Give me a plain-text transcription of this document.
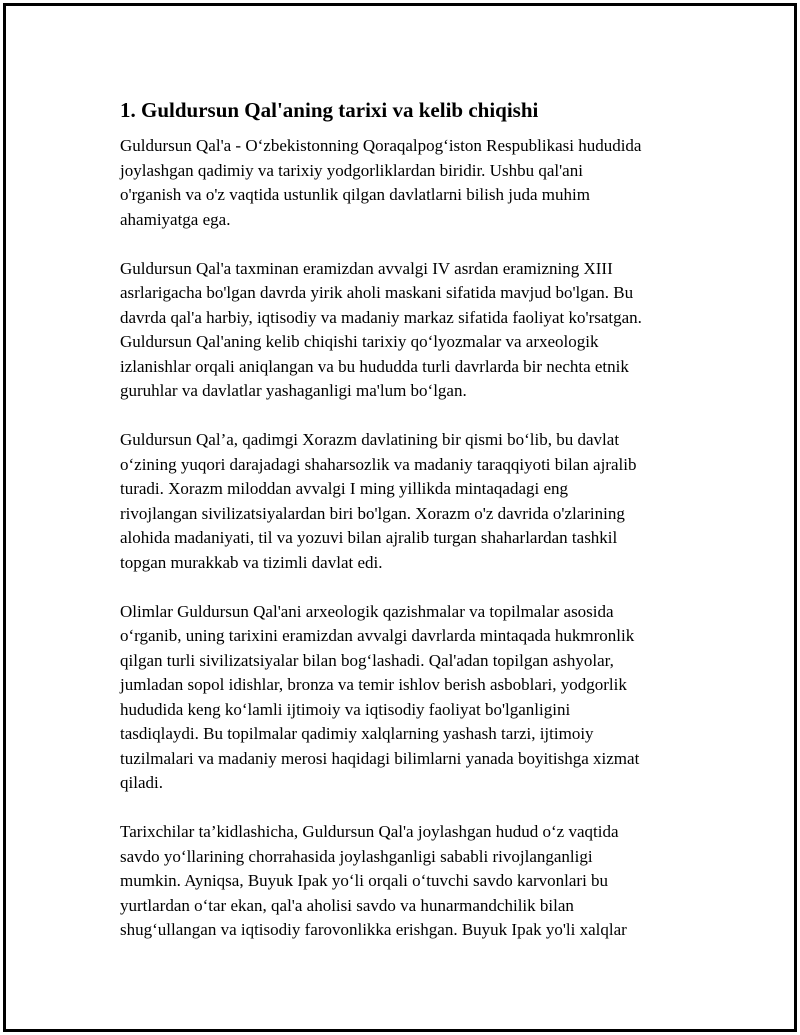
1. Guldursun Qal'aning tarixi va kelib chiqishi

Guldursun Qal'a - Oʻzbekistonning Qoraqalpogʻiston Respublikasi hududida
joylashgan qadimiy va tarixiy yodgorliklardan biridir. Ushbu qal'ani
o'rganish va o'z vaqtida ustunlik qilgan davlatlarni bilish juda muhim
ahamiyatga ega.

Guldursun Qal'a taxminan eramizdan avvalgi IV asrdan eramizning XIII
asrlarigacha bo'lgan davrda yirik aholi maskani sifatida mavjud bo'lgan. Bu
davrda qal'a harbiy, iqtisodiy va madaniy markaz sifatida faoliyat ko'rsatgan.
Guldursun Qal'aning kelib chiqishi tarixiy qoʻlyozmalar va arxeologik
izlanishlar orqali aniqlangan va bu hududda turli davrlarda bir nechta etnik
guruhlar va davlatlar yashaganligi ma'lum boʻlgan.

Guldursun Qal’a, qadimgi Xorazm davlatining bir qismi boʻlib, bu davlat
oʻzining yuqori darajadagi shaharsozlik va madaniy taraqqiyoti bilan ajralib
turadi. Xorazm miloddan avvalgi I ming yillikda mintaqadagi eng
rivojlangan sivilizatsiyalardan biri bo'lgan. Xorazm o'z davrida o'zlarining
alohida madaniyati, til va yozuvi bilan ajralib turgan shaharlardan tashkil
topgan murakkab va tizimli davlat edi.

Olimlar Guldursun Qal'ani arxeologik qazishmalar va topilmalar asosida
oʻrganib, uning tarixini eramizdan avvalgi davrlarda mintaqada hukmronlik
qilgan turli sivilizatsiyalar bilan bogʻlashadi. Qal'adan topilgan ashyolar,
jumladan sopol idishlar, bronza va temir ishlov berish asboblari, yodgorlik
hududida keng koʻlamli ijtimoiy va iqtisodiy faoliyat bo'lganligini
tasdiqlaydi. Bu topilmalar qadimiy xalqlarning yashash tarzi, ijtimoiy
tuzilmalari va madaniy merosi haqidagi bilimlarni yanada boyitishga xizmat
qiladi.

Tarixchilar ta’kidlashicha, Guldursun Qal'a joylashgan hudud oʻz vaqtida
savdo yoʻllarining chorrahasida joylashganligi sababli rivojlanganligi
mumkin. Ayniqsa, Buyuk Ipak yoʻli orqali oʻtuvchi savdo karvonlari bu
yurtlardan oʻtar ekan, qal'a aholisi savdo va hunarmandchilik bilan
shugʻullangan va iqtisodiy farovonlikka erishgan. Buyuk Ipak yo'li xalqlar
